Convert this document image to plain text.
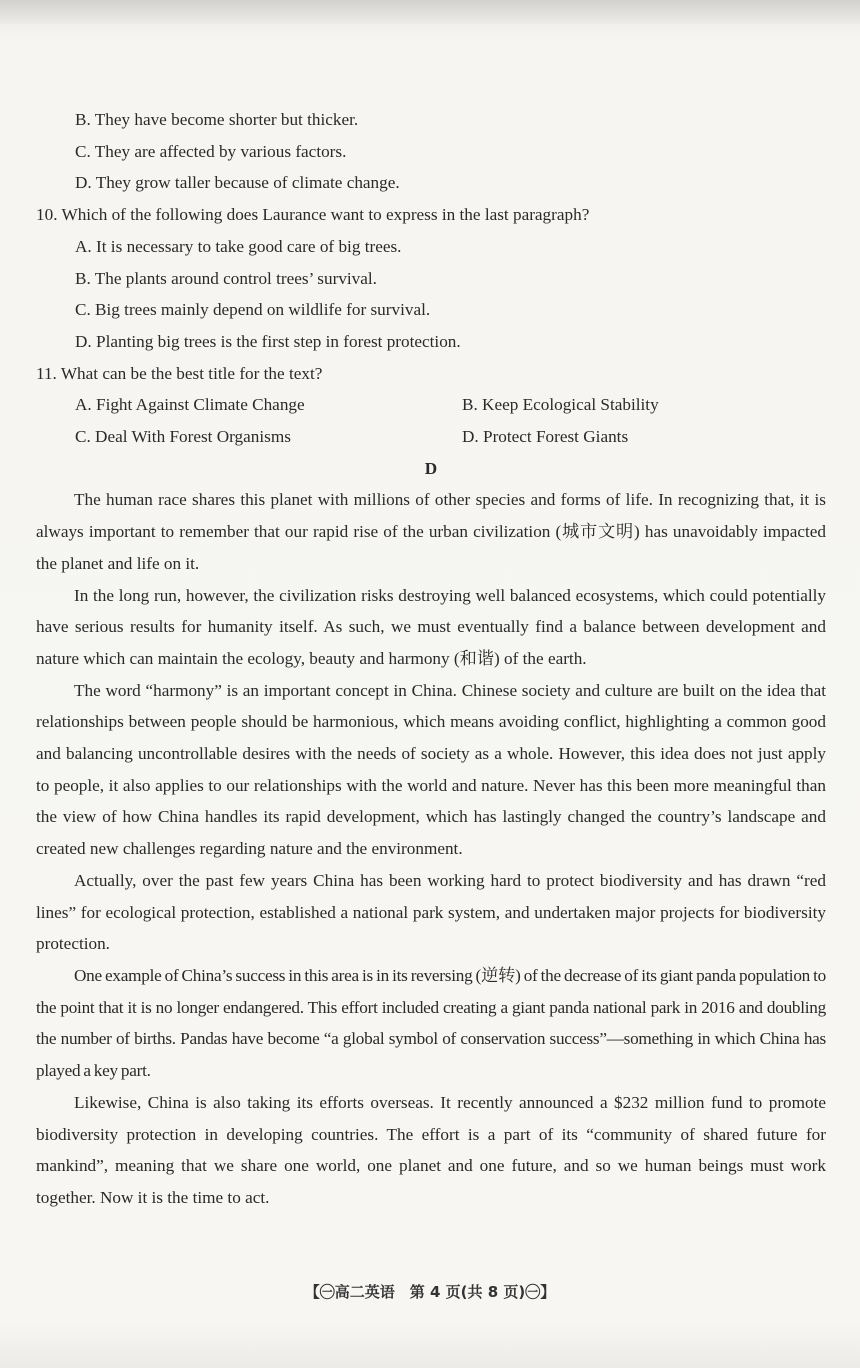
B. They have become shorter but thicker.

C. They are affected by various factors.

D. They grow taller because of climate change.

10. Which of the following does Laurance want to express in the last paragraph?

A. It is necessary to take good care of big trees.

B. The plants around control trees’ survival.

C. Big trees mainly depend on wildlife for survival.

D. Planting big trees is the first step in forest protection.

11. What can be the best title for the text?

A. Fight Against Climate Change	B. Keep Ecological Stability
C. Deal With Forest Organisms	D. Protect Forest Giants

D

The human race shares this planet with millions of other species and forms of life. In recognizing that, it is always important to remember that our rapid rise of the urban civilization (城市文明) has unavoidably impacted the planet and life on it.

In the long run, however, the civilization risks destroying well balanced ecosystems, which could potentially have serious results for humanity itself. As such, we must eventually find a balance between development and nature which can maintain the ecology, beauty and harmony (和谐) of the earth.

The word “harmony” is an important concept in China. Chinese society and culture are built on the idea that relationships between people should be harmonious, which means avoiding conflict, highlighting a common good and balancing uncontrollable desires with the needs of society as a whole. However, this idea does not just apply to people, it also applies to our relationships with the world and nature. Never has this been more meaningful than the view of how China handles its rapid development, which has lastingly changed the country’s landscape and created new challenges regarding nature and the environment.

Actually, over the past few years China has been working hard to protect biodiversity and has drawn “red lines” for ecological protection, established a national park system, and undertaken major projects for biodiversity protection.

One example of China’s success in this area is in its reversing (逆转) of the decrease of its giant panda population to the point that it is no longer endangered. This effort included creating a giant panda national park in 2016 and doubling the number of births. Pandas have become “a global symbol of conservation success”—something in which China has played a key part.

Likewise, China is also taking its efforts overseas. It recently announced a $232 million fund to promote biodiversity protection in developing countries. The effort is a part of its “community of shared future for mankind”, meaning that we share one world, one planet and one future, and so we human beings must work together. Now it is the time to act.

【㊀高二英语　第 4 页(共 8 页)㊀】
